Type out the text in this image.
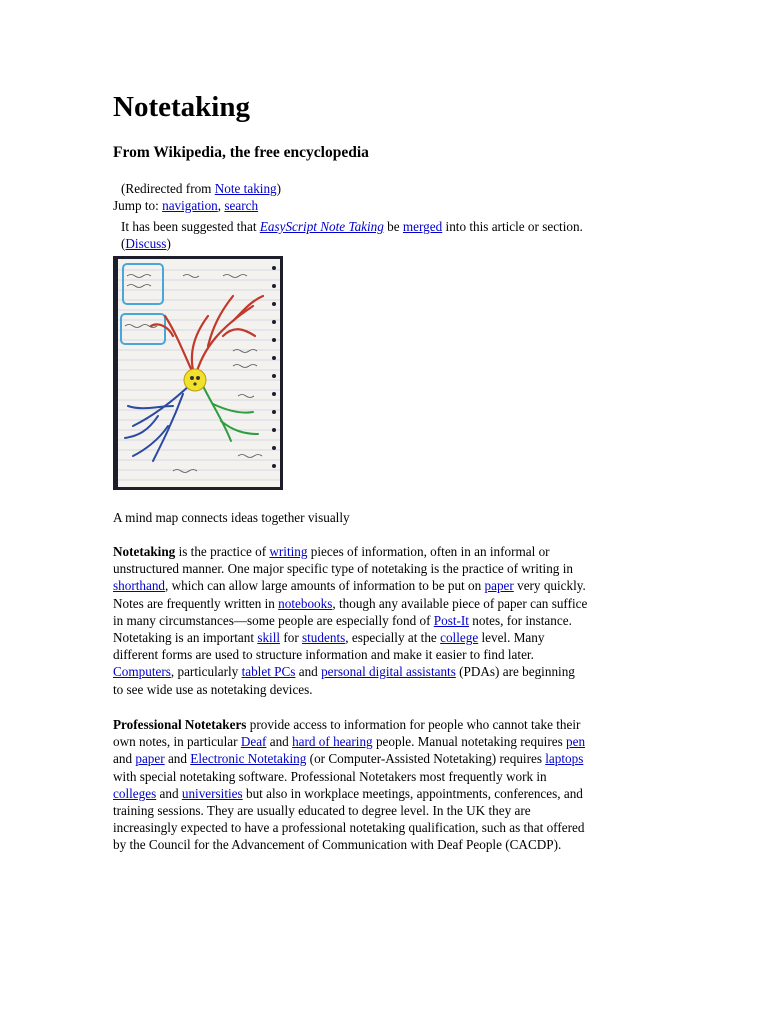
Notetaking
From Wikipedia, the free encyclopedia
(Redirected from Note taking)
Jump to: navigation, search
It has been suggested that EasyScript Note Taking be merged into this article or section.
(Discuss)
A mind map connects ideas together visually
Notetaking is the practice of writing pieces of information, often in an informal or
unstructured manner. One major specific type of notetaking is the practice of writing in
shorthand, which can allow large amounts of information to be put on paper very quickly.
Notes are frequently written in notebooks, though any available piece of paper can suffice
in many circumstances—some people are especially fond of Post-It notes, for instance.
Notetaking is an important skill for students, especially at the college level. Many
different forms are used to structure information and make it easier to find later.
Computers, particularly tablet PCs and personal digital assistants (PDAs) are beginning
to see wide use as notetaking devices.
Professional Notetakers provide access to information for people who cannot take their
own notes, in particular Deaf and hard of hearing people. Manual notetaking requires pen
and paper and Electronic Notetaking (or Computer-Assisted Notetaking) requires laptops
with special notetaking software. Professional Notetakers most frequently work in
colleges and universities but also in workplace meetings, appointments, conferences, and
training sessions. They are usually educated to degree level. In the UK they are
increasingly expected to have a professional notetaking qualification, such as that offered
by the Council for the Advancement of Communication with Deaf People (CACDP).
